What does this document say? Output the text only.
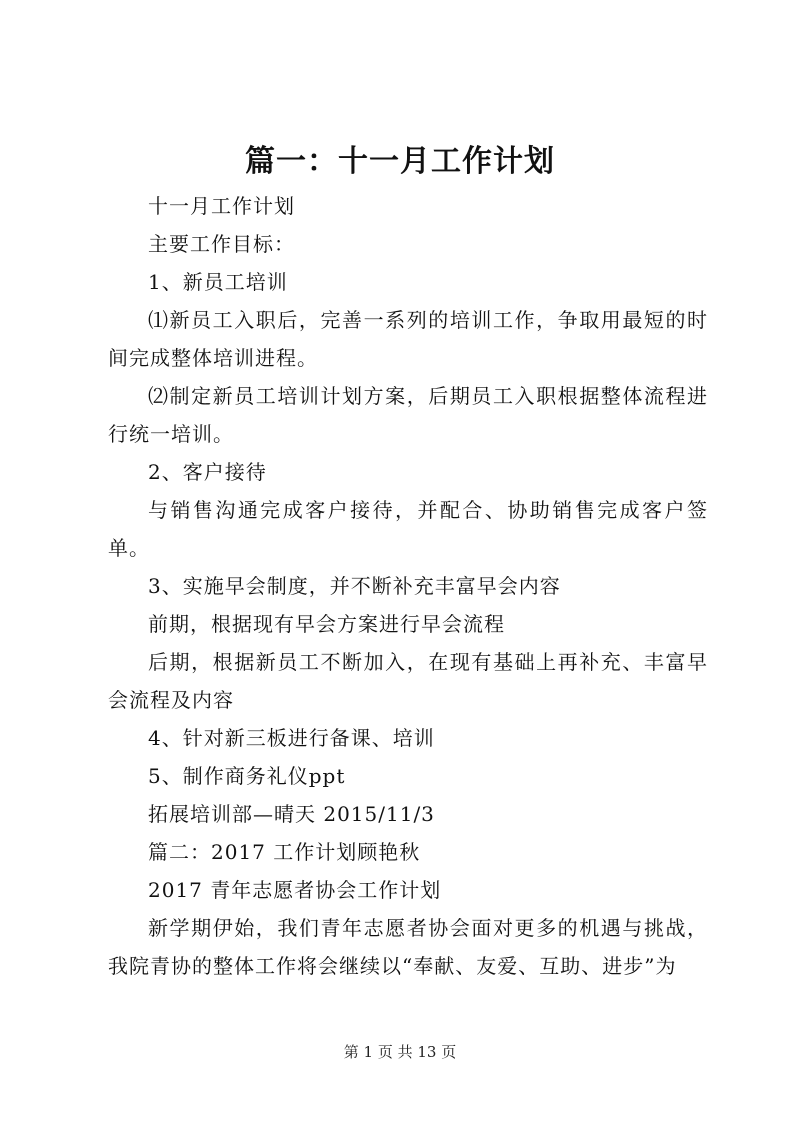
篇一：十一月工作计划

十一月工作计划

主要工作目标：

1、新员工培训

⑴新员工入职后，完善一系列的培训工作，争取用最短的时间完成整体培训进程。

⑵制定新员工培训计划方案，后期员工入职根据整体流程进行统一培训。

2、客户接待

与销售沟通完成客户接待，并配合、协助销售完成客户签单。

3、实施早会制度，并不断补充丰富早会内容

前期，根据现有早会方案进行早会流程

后期，根据新员工不断加入，在现有基础上再补充、丰富早会流程及内容

4、针对新三板进行备课、培训

5、制作商务礼仪ppt

拓展培训部—晴天 2015/11/3

篇二：2017 工作计划顾艳秋

2017 青年志愿者协会工作计划

新学期伊始，我们青年志愿者协会面对更多的机遇与挑战，我院青协的整体工作将会继续以“奉献、友爱、互助、进步”为

第 1 页 共 13 页
